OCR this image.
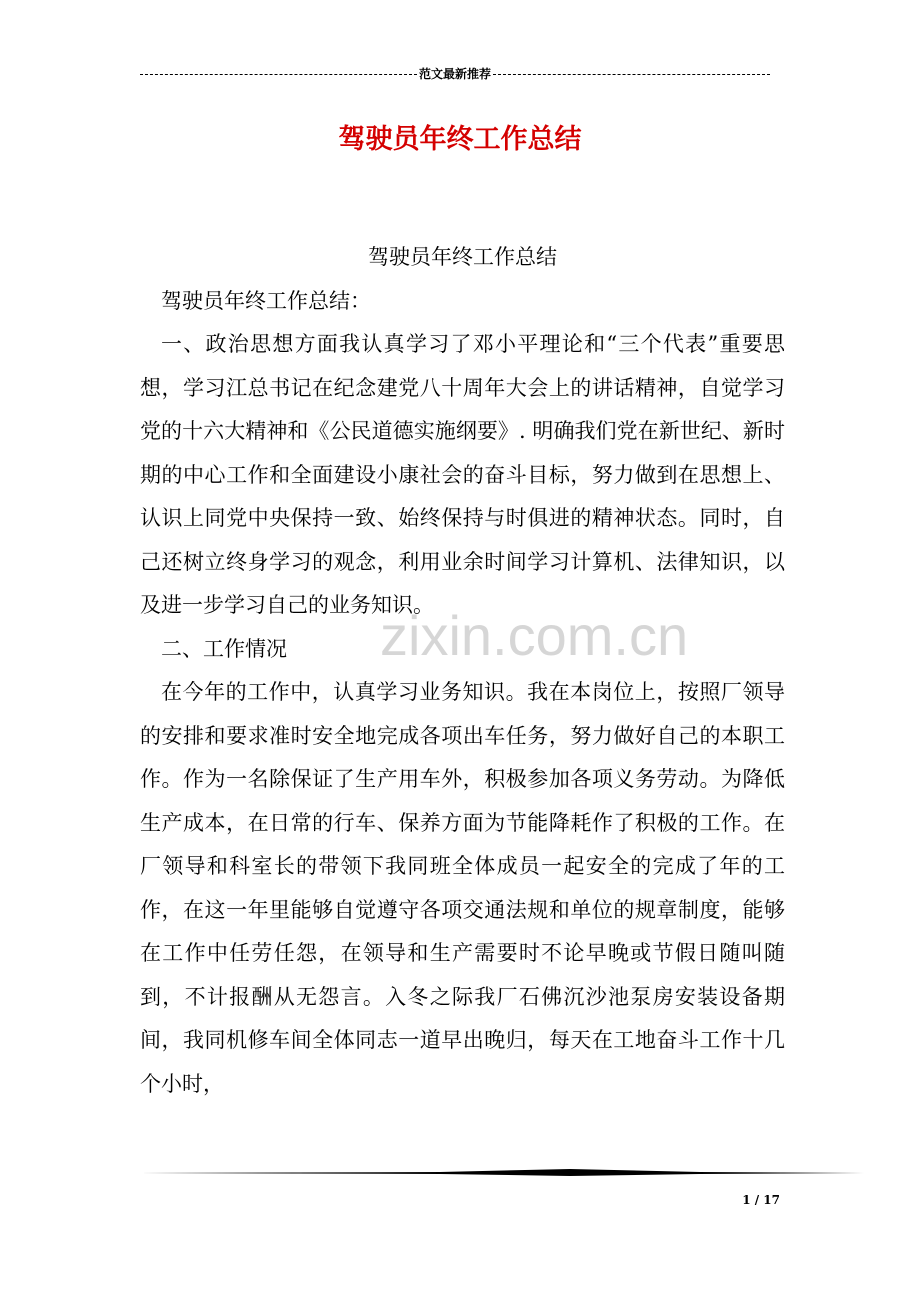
范文最新推荐
驾驶员年终工作总结

驾驶员年终工作总结

驾驶员年终工作总结：

一、政治思想方面我认真学习了邓小平理论和“三个代表”重要思想，学习江总书记在纪念建党八十周年大会上的讲话精神，自觉学习党的十六大精神和《公民道德实施纲要》. 明确我们党在新世纪、新时期的中心工作和全面建设小康社会的奋斗目标，努力做到在思想上、认识上同党中央保持一致、始终保持与时俱进的精神状态。同时，自己还树立终身学习的观念，利用业余时间学习计算机、法律知识，以及进一步学习自己的业务知识。

二、工作情况

在今年的工作中，认真学习业务知识。我在本岗位上，按照厂领导的安排和要求准时安全地完成各项出车任务，努力做好自己的本职工作。作为一名除保证了生产用车外，积极参加各项义务劳动。为降低生产成本，在日常的行车、保养方面为节能降耗作了积极的工作。在厂领导和科室长的带领下我同班全体成员一起安全的完成了年的工作，在这一年里能够自觉遵守各项交通法规和单位的规章制度，能够在工作中任劳任怨，在领导和生产需要时不论早晚或节假日随叫随到，不计报酬从无怨言。入冬之际我厂石佛沉沙池泵房安装设备期间，我同机修车间全体同志一道早出晚归，每天在工地奋斗工作十几个小时，

zixin.com.cn
1 / 17
